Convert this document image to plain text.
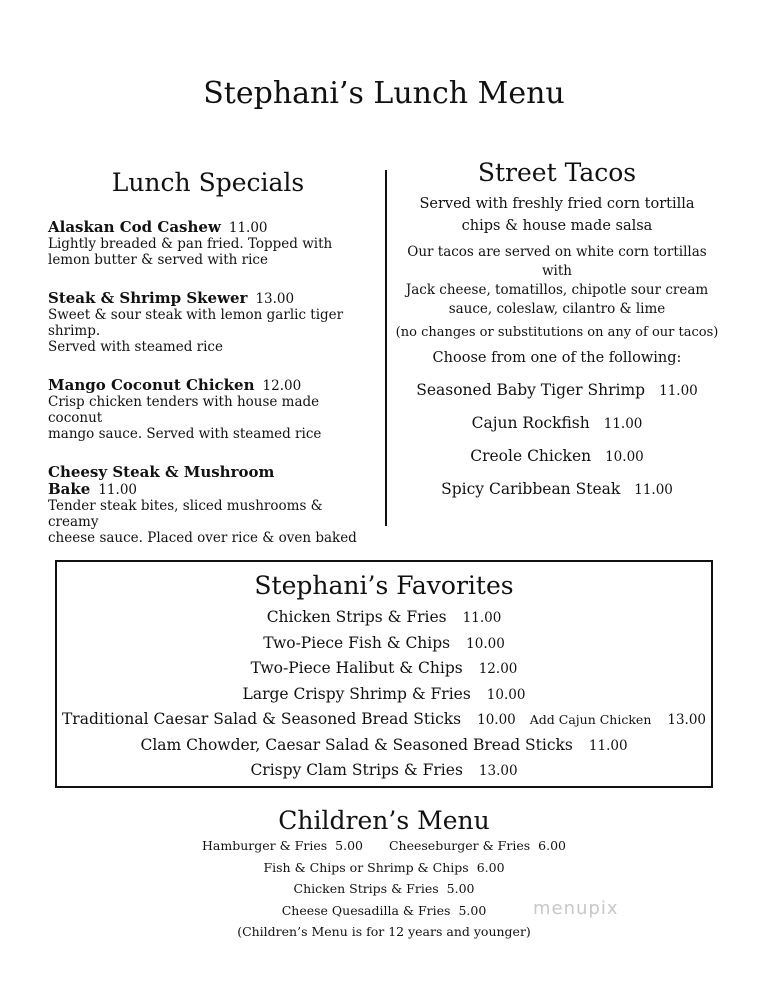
Stephani’s Lunch Menu
Lunch Specials
Alaskan Cod Cashew 11.00
Lightly breaded & pan fried. Topped with
lemon butter & served with rice
Steak & Shrimp Skewer 13.00
Sweet & sour steak with lemon garlic tiger shrimp.
Served with steamed rice
Mango Coconut Chicken 12.00
Crisp chicken tenders with house made coconut
mango sauce. Served with steamed rice
Cheesy Steak & Mushroom Bake 11.00
Tender steak bites, sliced mushrooms & creamy
cheese sauce. Placed over rice & oven baked
Street Tacos
Served with freshly fried corn tortilla
chips & house made salsa
Our tacos are served on white corn tortillas with
Jack cheese, tomatillos, chipotle sour cream
sauce, coleslaw, cilantro & lime
(no changes or substitutions on any of our tacos)
Choose from one of the following:
Seasoned Baby Tiger Shrimp 11.00
Cajun Rockfish 11.00
Creole Chicken 10.00
Spicy Caribbean Steak 11.00
Stephani’s Favorites
Chicken Strips & Fries 11.00
Two-Piece Fish & Chips 10.00
Two-Piece Halibut & Chips 12.00
Large Crispy Shrimp & Fries 10.00
Traditional Caesar Salad & Seasoned Bread Sticks 10.00 Add Cajun Chicken 13.00
Clam Chowder, Caesar Salad & Seasoned Bread Sticks 11.00
Crispy Clam Strips & Fries 13.00
Children’s Menu
Hamburger & Fries 5.00 Cheeseburger & Fries 6.00
Fish & Chips or Shrimp & Chips 6.00
Chicken Strips & Fries 5.00
Cheese Quesadilla & Fries 5.00
(Children’s Menu is for 12 years and younger)
menupix
